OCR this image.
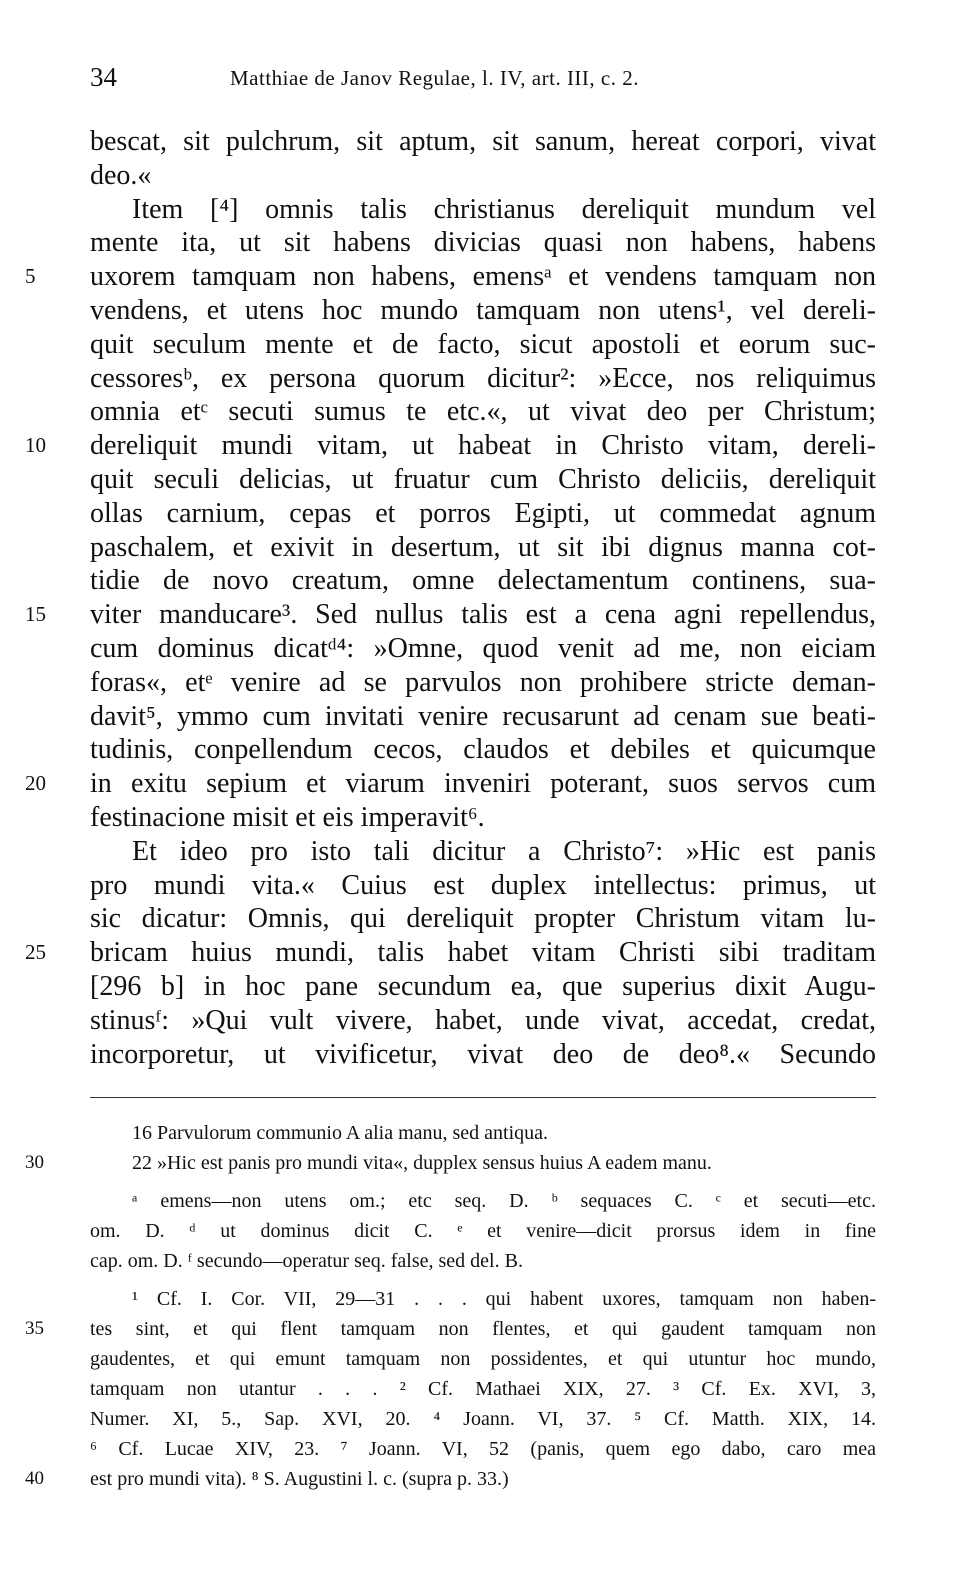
34	Matthiae de Janov Regulae, l. IV, art. III, c. 2.
bescat, sit pulchrum, sit aptum, sit sanum, hereat corpori, vivat
deo.«
Item [⁴] omnis talis christianus dereliquit mundum vel
mente ita, ut sit habens divicias quasi non habens, habens
5	uxorem tamquam non habens, emensᵃ et vendens tamquam non
vendens, et utens hoc mundo tamquam non utens¹, vel dereli-
quit seculum mente et de facto, sicut apostoli et eorum suc-
cessoresᵇ, ex persona quorum dicitur²: »Ecce, nos reliquimus
omnia etᶜ secuti sumus te etc.«, ut vivat deo per Christum;
10	dereliquit mundi vitam, ut habeat in Christo vitam, dereli-
quit seculi delicias, ut fruatur cum Christo deliciis, dereliquit
ollas carnium, cepas et porros Egipti, ut commedat agnum
paschalem, et exivit in desertum, ut sit ibi dignus manna cot-
tidie de novo creatum, omne delectamentum continens, sua-
15	viter manducare³. Sed nullus talis est a cena agni repellendus,
cum dominus dicatᵈ⁴: »Omne, quod venit ad me, non eiciam
foras«, etᵉ venire ad se parvulos non prohibere stricte deman-
davit⁵, ymmo cum invitati venire recusarunt ad cenam sue beati-
tudinis, conpellendum cecos, claudos et debiles et quicumque
20	in exitu sepium et viarum inveniri poterant, suos servos cum
festinacione misit et eis imperavit⁶.
Et ideo pro isto tali dicitur a Christo⁷: »Hic est panis
pro mundi vita.« Cuius est duplex intellectus: primus, ut
sic dicatur: Omnis, qui dereliquit propter Christum vitam lu-
25	bricam huius mundi, talis habet vitam Christi sibi traditam
[296 b] in hoc pane secundum ea, que superius dixit Augu-
stinusᶠ: »Qui vult vivere, habet, unde vivat, accedat, credat,
incorporetur, ut vivificetur, vivat deo de deo⁸.« Secundo
16 Parvulorum communio A alia manu, sed antiqua.
30	22 »Hic est panis pro mundi vita«, dupplex sensus huius A eadem manu.
ᵃ emens—non utens om.; etc seq. D. ᵇ sequaces C. ᶜ et secuti—etc.
om. D. ᵈ ut dominus dicit C. ᵉ et venire—dicit prorsus idem in fine
cap. om. D. ᶠ secundo—operatur seq. false, sed del. B.
¹ Cf. I. Cor. VII, 29—31 . . . qui habent uxores, tamquam non haben-
35	tes sint, et qui flent tamquam non flentes, et qui gaudent tamquam non
gaudentes, et qui emunt tamquam non possidentes, et qui utuntur hoc mundo,
tamquam non utantur . . . ² Cf. Mathaei XIX, 27. ³ Cf. Ex. XVI, 3,
Numer. XI, 5., Sap. XVI, 20. ⁴ Joann. VI, 37. ⁵ Cf. Matth. XIX, 14.
⁶ Cf. Lucae XIV, 23. ⁷ Joann. VI, 52 (panis, quem ego dabo, caro mea
40	est pro mundi vita). ⁸ S. Augustini l. c. (supra p. 33.)
